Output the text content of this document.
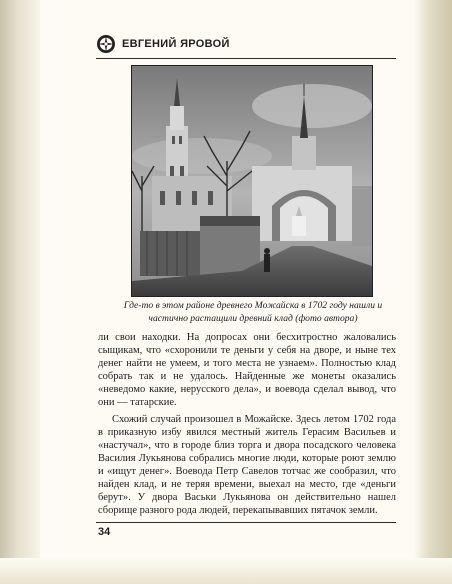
ЕВГЕНИЙ ЯРОВОЙ
Где-то в этом районе древнего Можайска в 1702 году нашли и частично растащили древний клад (фото автора)

ли свои находки. На допросах они бесхитростно жаловались сыщикам, что «схоронили те деньги у себя на дворе, и ныне тех денег найти не умеем, и того места не узнаем». Полностью клад собрать так и не удалось. Найденные же монеты оказались «неведомо какие, нерусского дела», и воевода сделал вывод, что они — татарские.

Схожий случай произошел в Можайске. Здесь летом 1702 года в приказную избу явился местный житель Герасим Васильев и «настучал», что в городе близ торга и двора посадского человека Василия Лукьянова собрались многие люди, которые роют землю и «ищут денег». Воевода Петр Савелов тотчас же сообразил, что найден клад, и не теряя времени, выехал на место, где «деньги берут». У двора Васьки Лукьянова он действительно нашел сборище разного рода людей, перекапывавших пятачок земли.

34
